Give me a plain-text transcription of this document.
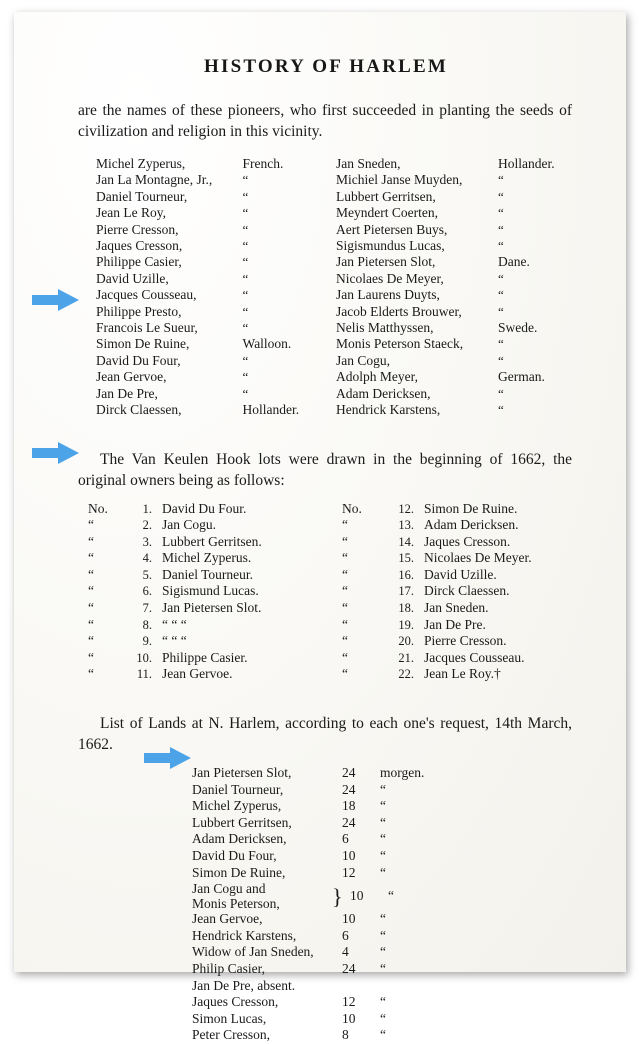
HISTORY OF HARLEM

are the names of these pioneers, who first succeeded in planting the seeds of civilization and religion in this vicinity.

Michel Zyperus,	French.
Jan La Montagne, Jr.,	“
Daniel Tourneur,	“
Jean Le Roy,	“
Pierre Cresson,	“
Jaques Cresson,	“
Philippe Casier,	“
David Uzille,	“
Jacques Cousseau,	“
Philippe Presto,	“
Francois Le Sueur,	“
Simon De Ruine,	Walloon.
David Du Four,	“
Jean Gervoe,	“
Jan De Pre,	“
Dirck Claessen,	Hollander.
Jan Sneden,	Hollander.
Michiel Janse Muyden,	“
Lubbert Gerritsen,	“
Meyndert Coerten,	“
Aert Pietersen Buys,	“
Sigismundus Lucas,	“
Jan Pietersen Slot,	Dane.
Nicolaes De Meyer,	“
Jan Laurens Duyts,	“
Jacob Elderts Brouwer,	“
Nelis Matthyssen,	Swede.
Monis Peterson Staeck,	“
Jan Cogu,	“
Adolph Meyer,	German.
Adam Dericksen,	“
Hendrick Karstens,	“

The Van Keulen Hook lots were drawn in the beginning of 1662, the original owners being as follows:

No.	1. David Du Four.
“	2. Jan Cogu.
“	3. Lubbert Gerritsen.
“	4. Michel Zyperus.
“	5. Daniel Tourneur.
“	6. Sigismund Lucas.
“	7. Jan Pietersen Slot.
“	8. “ “ “
“	9. “ “ “
“	10. Philippe Casier.
“	11. Jean Gervoe.
No.	12. Simon De Ruine.
“	13. Adam Dericksen.
“	14. Jaques Cresson.
“	15. Nicolaes De Meyer.
“	16. David Uzille.
“	17. Dirck Claessen.
“	18. Jan Sneden.
“	19. Jan De Pre.
“	20. Pierre Cresson.
“	21. Jacques Cousseau.
“	22. Jean Le Roy.†

List of Lands at N. Harlem, according to each one's request, 14th March, 1662.

Jan Pietersen Slot,	24	morgen.
Daniel Tourneur,	24	“
Michel Zyperus,	18	“
Lubbert Gerritsen,	24	“
Adam Dericksen,	6	“
David Du Four,	10	“
Simon De Ruine,	12	“
Jan Cogu and
Monis Peterson,	} 10	“
Jean Gervoe,	10	“
Hendrick Karstens,	6	“
Widow of Jan Sneden,	4	“
Philip Casier,	24	“
Jan De Pre, absent.
Jaques Cresson,	12	“
Simon Lucas,	10	“
Peter Cresson,	8	“
